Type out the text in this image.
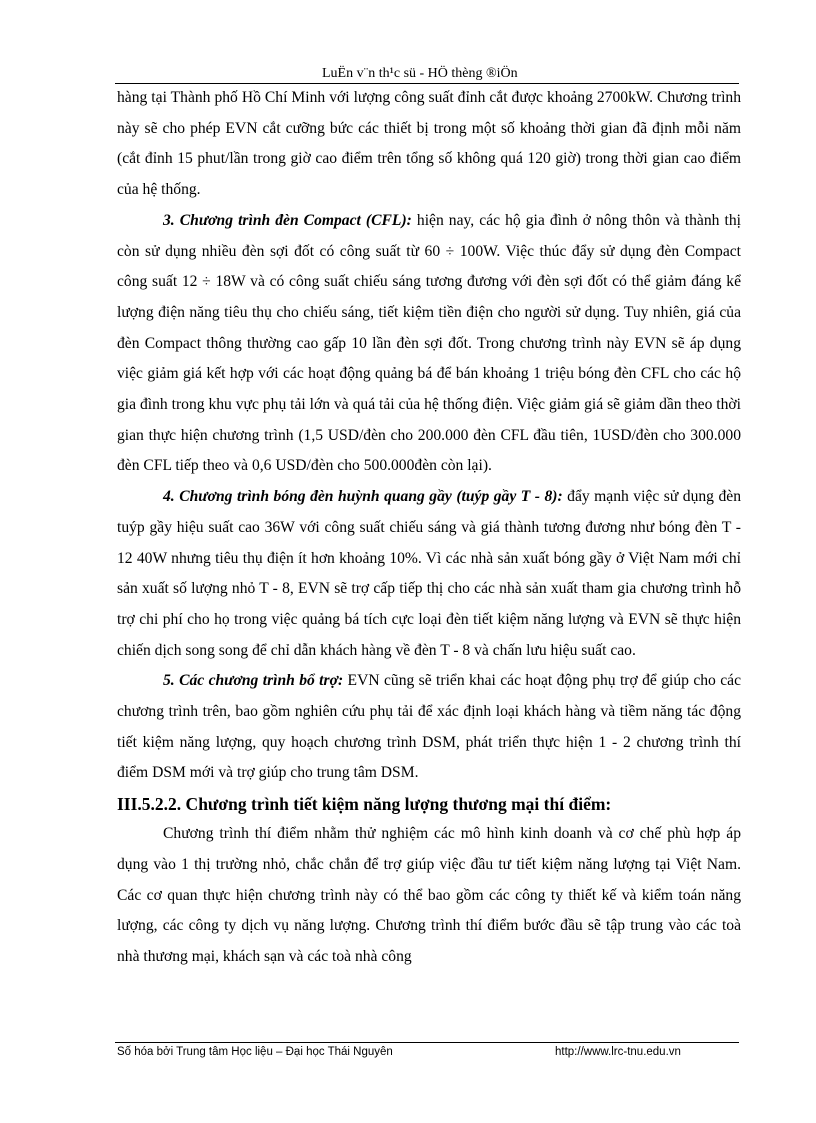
LuËn v¨n th¹c sü - HÖ thèng ®iÖn

hàng tại Thành phố Hồ Chí Minh với lượng công suất đỉnh cắt được khoảng 2700kW. Chương trình này sẽ cho phép EVN cắt cưỡng bức các thiết bị trong một số khoảng thời gian đã định mỗi năm (cắt đỉnh 15 phut/lần trong giờ cao điểm trên tổng số không quá 120 giờ) trong thời gian cao điểm của hệ thống.

3. Chương trình đèn Compact (CFL): hiện nay, các hộ gia đình ở nông thôn và thành thị còn sử dụng nhiều đèn sợi đốt có công suất từ 60 ÷ 100W. Việc thúc đẩy sử dụng đèn Compact công suất 12 ÷ 18W và có công suất chiếu sáng tương đương với đèn sợi đốt có thể giảm đáng kể lượng điện năng tiêu thụ cho chiếu sáng, tiết kiệm tiền điện cho người sử dụng. Tuy nhiên, giá của đèn Compact thông thường cao gấp 10 lần đèn sợi đốt. Trong chương trình này EVN sẽ áp dụng việc giảm giá kết hợp với các hoạt động quảng bá để bán khoảng 1 triệu bóng đèn CFL cho các hộ gia đình trong khu vực phụ tải lớn và quá tải của hệ thống điện. Việc giảm giá sẽ giảm dần theo thời gian thực hiện chương trình (1,5 USD/đèn cho 200.000 đèn CFL đầu tiên, 1USD/đèn cho 300.000 đèn CFL tiếp theo và 0,6 USD/đèn cho 500.000đèn còn lại).

4. Chương trình bóng đèn huỳnh quang gầy (tuýp gầy T - 8): đẩy mạnh việc sử dụng đèn tuýp gầy hiệu suất cao 36W với công suất chiếu sáng và giá thành tương đương như bóng đèn T - 12 40W nhưng tiêu thụ điện ít hơn khoảng 10%. Vì các nhà sản xuất bóng gầy ở Việt Nam mới chỉ sản xuất số lượng nhỏ T - 8, EVN sẽ trợ cấp tiếp thị cho các nhà sản xuất tham gia chương trình hỗ trợ chi phí cho họ trong việc quảng bá tích cực loại đèn tiết kiệm năng lượng và EVN sẽ thực hiện chiến dịch song song để chỉ dẫn khách hàng về đèn T - 8 và chấn lưu hiệu suất cao.

5. Các chương trình bổ trợ: EVN cũng sẽ triển khai các hoạt động phụ trợ để giúp cho các chương trình trên, bao gồm nghiên cứu phụ tải để xác định loại khách hàng và tiềm năng tác động tiết kiệm năng lượng, quy hoạch chương trình DSM, phát triển thực hiện 1 - 2 chương trình thí điểm DSM mới và trợ giúp cho trung tâm DSM.

III.5.2.2. Chương trình tiết kiệm năng lượng thương mại thí điểm:

Chương trình thí điểm nhằm thử nghiệm các mô hình kinh doanh và cơ chế phù hợp áp dụng vào 1 thị trường nhỏ, chắc chắn để trợ giúp việc đầu tư tiết kiệm năng lượng tại Việt Nam. Các cơ quan thực hiện chương trình này có thể bao gồm các công ty thiết kế và kiểm toán năng lượng, các công ty dịch vụ năng lượng. Chương trình thí điểm bước đầu sẽ tập trung vào các toà nhà thương mại, khách sạn và các toà nhà công

Số hóa bởi Trung tâm Học liệu – Đại học Thái Nguyên	http://www.lrc-tnu.edu.vn
